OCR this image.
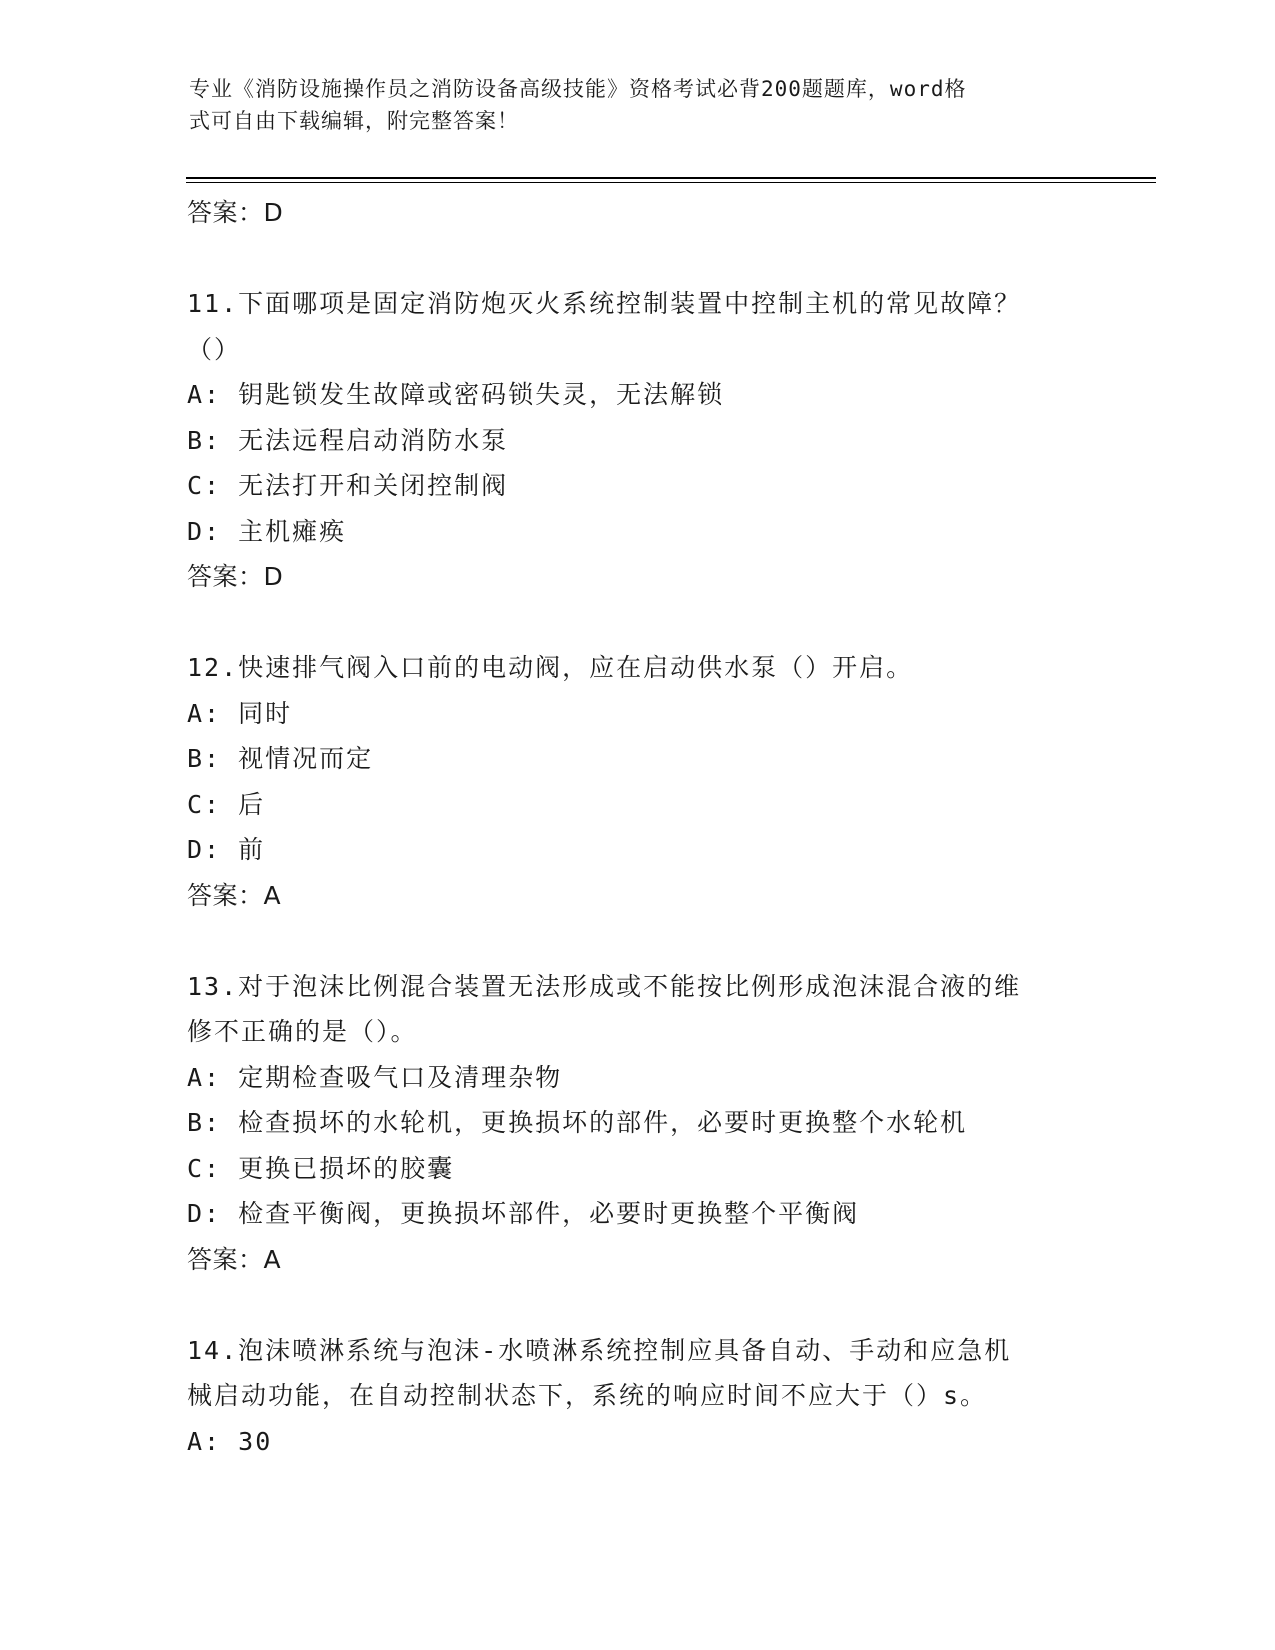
专业《消防设施操作员之消防设备高级技能》资格考试必背200题题库，word格
式可自由下载编辑，附完整答案！
答案：D
11.下面哪项是固定消防炮灭火系统控制装置中控制主机的常见故障？
（）
A: 钥匙锁发生故障或密码锁失灵，无法解锁
B: 无法远程启动消防水泵
C: 无法打开和关闭控制阀
D: 主机瘫痪
答案：D
12.快速排气阀入口前的电动阀，应在启动供水泵（）开启。
A: 同时
B: 视情况而定
C: 后
D: 前
答案：A
13.对于泡沫比例混合装置无法形成或不能按比例形成泡沫混合液的维
修不正确的是（）。
A: 定期检查吸气口及清理杂物
B: 检查损坏的水轮机，更换损坏的部件，必要时更换整个水轮机
C: 更换已损坏的胶囊
D: 检查平衡阀，更换损坏部件，必要时更换整个平衡阀
答案：A
14.泡沫喷淋系统与泡沫-水喷淋系统控制应具备自动、手动和应急机
械启动功能，在自动控制状态下，系统的响应时间不应大于（）s。
A: 30
